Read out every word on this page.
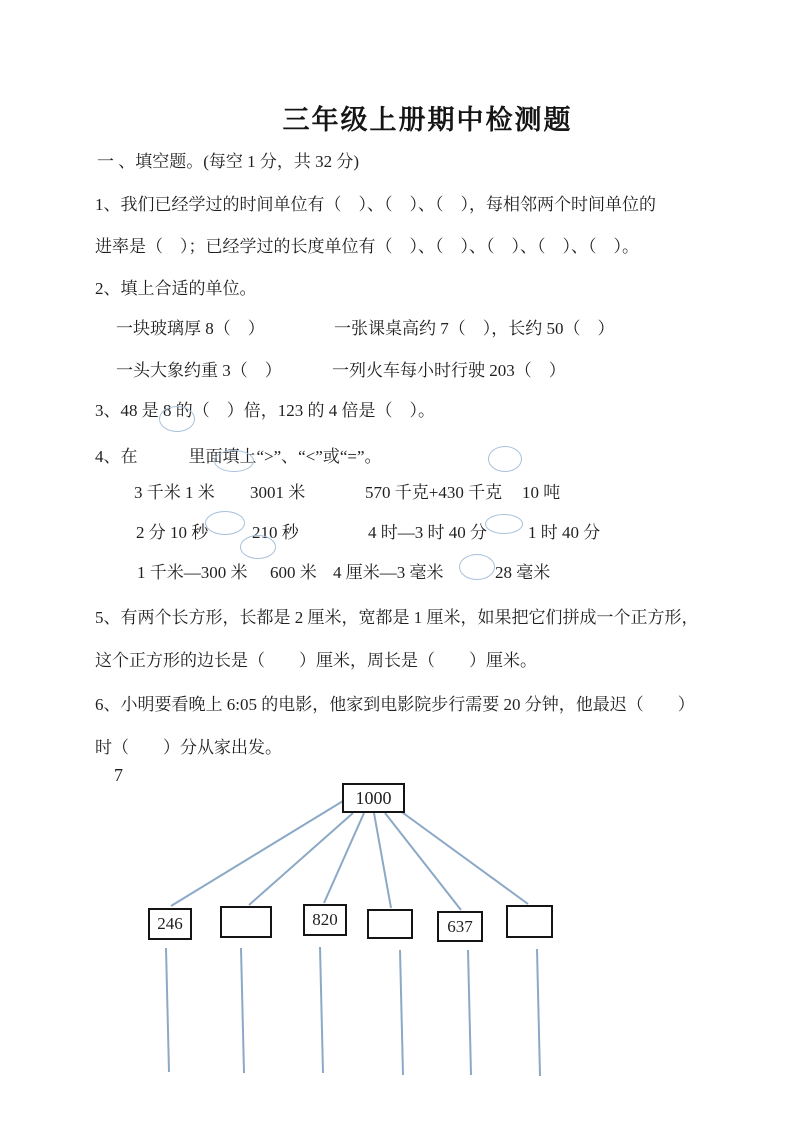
三年级上册期中检测题
一 、填空题。(每空 1 分，共 32 分)
1、我们已经学过的时间单位有（　）、（　）、（　），每相邻两个时间单位的
进率是（　）；已经学过的长度单位有（　）、（　）、（　）、（　）、（　）。
2、填上合适的单位。
一块玻璃厚 8（　）	一张课桌高约 7（　），长约 50（　）
一头大象约重 3（　）	一列火车每小时行驶 203（　）
3、48 是 8 的（　）倍，123 的 4 倍是（　）。
4、在　　　里面填上“>”、“<”或“=”。
3 千米 1 米 3001 米	570 千克+430 千克 10 吨
2 分 10 秒	210 秒	4 时—3 时 40 分 1 时 40 分
1 千米—300 米 600 米 4 厘米—3 毫米	28 毫米
5、有两个长方形，长都是 2 厘米，宽都是 1 厘米，如果把它们拼成一个正方形，
这个正方形的边长是（　　）厘米，周长是（　　）厘米。
6、小明要看晚上 6:05 的电影，他家到电影院步行需要 20 分钟，他最迟（　　）
时（　　）分从家出发。
7
1000
246	820	637
